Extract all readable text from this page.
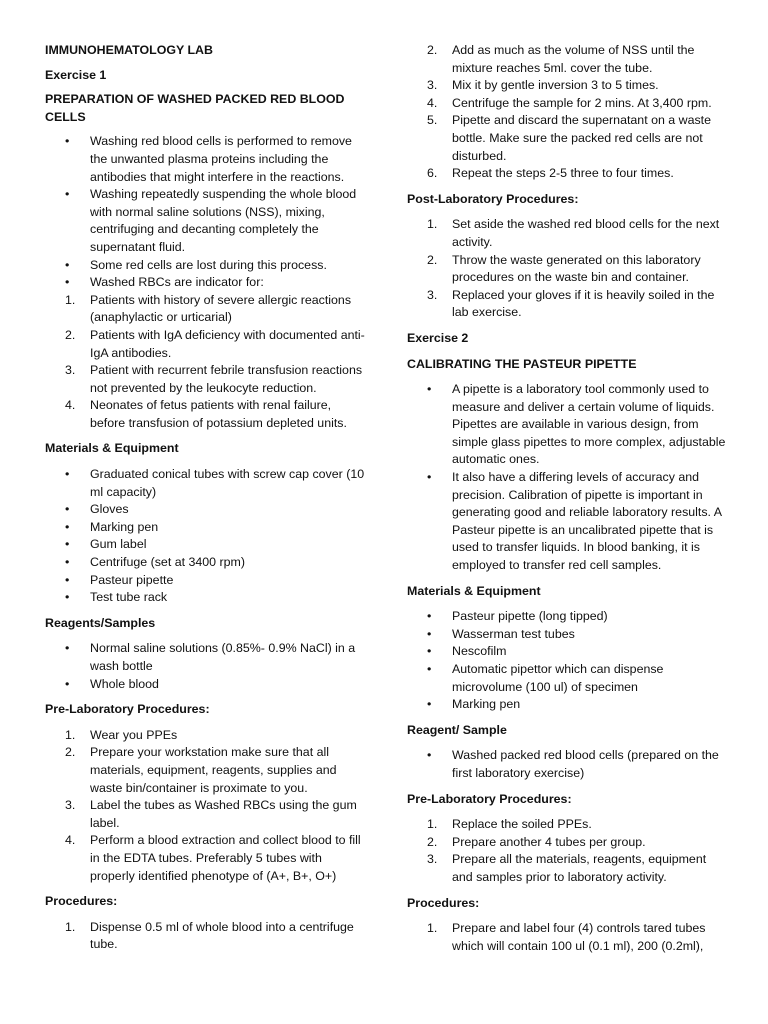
IMMUNOHEMATOLOGY LAB
Exercise 1
PREPARATION OF WASHED PACKED RED BLOOD CELLS
• Washing red blood cells is performed to remove the unwanted plasma proteins including the antibodies that might interfere in the reactions.
• Washing repeatedly suspending the whole blood with normal saline solutions (NSS), mixing, centrifuging and decanting completely the supernatant fluid.
• Some red cells are lost during this process.
• Washed RBCs are indicator for:
1. Patients with history of severe allergic reactions (anaphylactic or urticarial)
2. Patients with IgA deficiency with documented anti-IgA antibodies.
3. Patient with recurrent febrile transfusion reactions not prevented by the leukocyte reduction.
4. Neonates of fetus patients with renal failure, before transfusion of potassium depleted units.
Materials & Equipment
• Graduated conical tubes with screw cap cover (10 ml capacity)
• Gloves
• Marking pen
• Gum label
• Centrifuge (set at 3400 rpm)
• Pasteur pipette
• Test tube rack
Reagents/Samples
• Normal saline solutions (0.85%- 0.9% NaCl) in a wash bottle
• Whole blood
Pre-Laboratory Procedures:
1. Wear you PPEs
2. Prepare your workstation make sure that all materials, equipment, reagents, supplies and waste bin/container is proximate to you.
3. Label the tubes as Washed RBCs using the gum label.
4. Perform a blood extraction and collect blood to fill in the EDTA tubes. Preferably 5 tubes with properly identified phenotype of (A+, B+, O+)
Procedures:
1. Dispense 0.5 ml of whole blood into a centrifuge tube.
2. Add as much as the volume of NSS until the mixture reaches 5ml. cover the tube.
3. Mix it by gentle inversion 3 to 5 times.
4. Centrifuge the sample for 2 mins. At 3,400 rpm.
5. Pipette and discard the supernatant on a waste bottle. Make sure the packed red cells are not disturbed.
6. Repeat the steps 2-5 three to four times.
Post-Laboratory Procedures:
1. Set aside the washed red blood cells for the next activity.
2. Throw the waste generated on this laboratory procedures on the waste bin and container.
3. Replaced your gloves if it is heavily soiled in the lab exercise.
Exercise 2
CALIBRATING THE PASTEUR PIPETTE
• A pipette is a laboratory tool commonly used to measure and deliver a certain volume of liquids. Pipettes are available in various design, from simple glass pipettes to more complex, adjustable automatic ones.
• It also have a differing levels of accuracy and precision. Calibration of pipette is important in generating good and reliable laboratory results. A Pasteur pipette is an uncalibrated pipette that is used to transfer liquids. In blood banking, it is employed to transfer red cell samples.
Materials & Equipment
• Pasteur pipette (long tipped)
• Wasserman test tubes
• Nescofilm
• Automatic pipettor which can dispense microvolume (100 ul) of specimen
• Marking pen
Reagent/ Sample
• Washed packed red blood cells (prepared on the first laboratory exercise)
Pre-Laboratory Procedures:
1. Replace the soiled PPEs.
2. Prepare another 4 tubes per group.
3. Prepare all the materials, reagents, equipment and samples prior to laboratory activity.
Procedures:
1. Prepare and label four (4) controls tared tubes which will contain 100 ul (0.1 ml), 200 (0.2ml),
